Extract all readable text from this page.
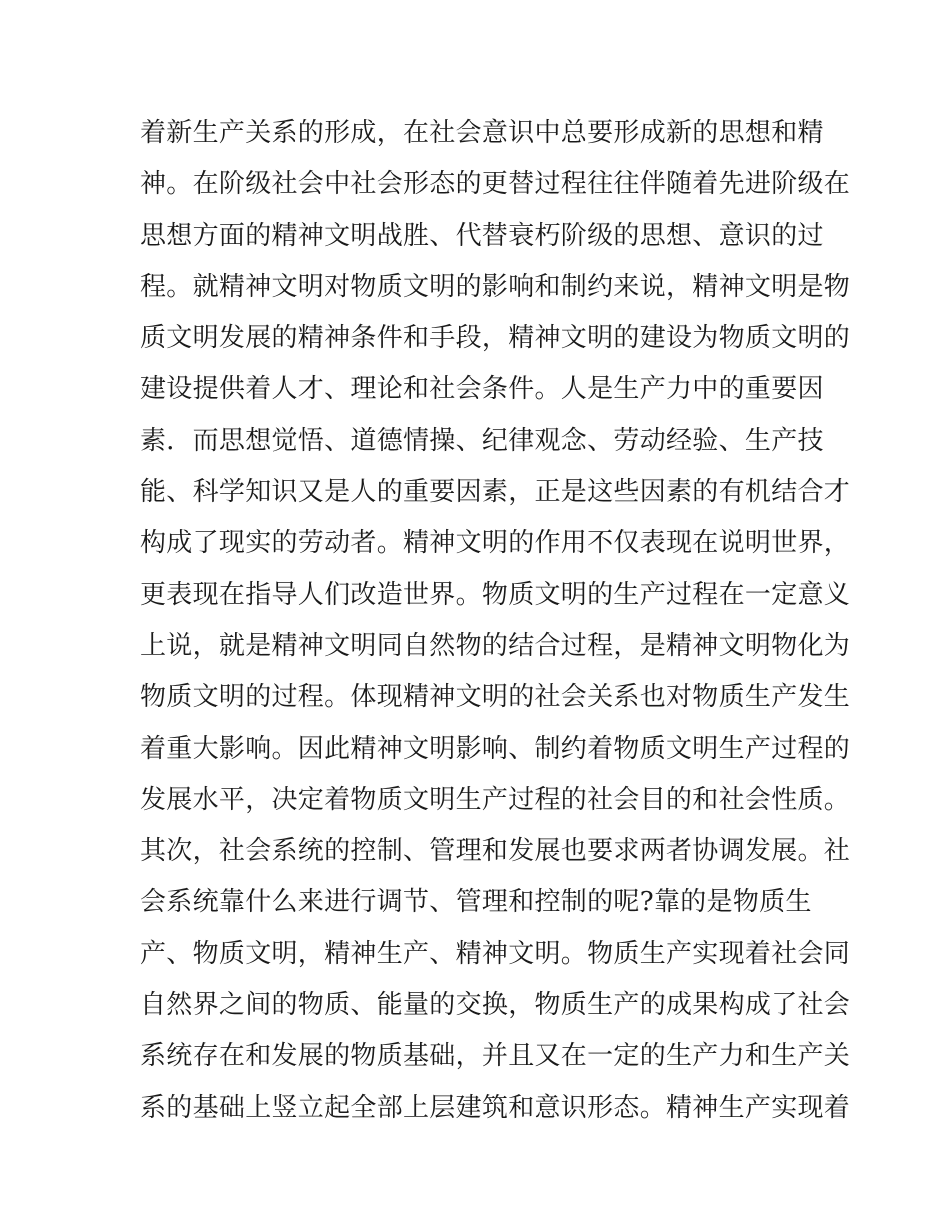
着新生产关系的形成，在社会意识中总要形成新的思想和精
神。在阶级社会中社会形态的更替过程往往伴随着先进阶级在
思想方面的精神文明战胜、代替衰朽阶级的思想、意识的过
程。就精神文明对物质文明的影响和制约来说，精神文明是物
质文明发展的精神条件和手段，精神文明的建设为物质文明的
建设提供着人才、理论和社会条件。人是生产力中的重要因
素．而思想觉悟、道德情操、纪律观念、劳动经验、生产技
能、科学知识又是人的重要因素，正是这些因素的有机结合才
构成了现实的劳动者。精神文明的作用不仅表现在说明世界，
更表现在指导人们改造世界。物质文明的生产过程在一定意义
上说，就是精神文明同自然物的结合过程，是精神文明物化为
物质文明的过程。体现精神文明的社会关系也对物质生产发生
着重大影响。因此精神文明影响、制约着物质文明生产过程的
发展水平，决定着物质文明生产过程的社会目的和社会性质。
其次，社会系统的控制、管理和发展也要求两者协调发展。社
会系统靠什么来进行调节、管理和控制的呢?靠的是物质生
产、物质文明，精神生产、精神文明。物质生产实现着社会同
自然界之间的物质、能量的交换，物质生产的成果构成了社会
系统存在和发展的物质基础，并且又在一定的生产力和生产关
系的基础上竖立起全部上层建筑和意识形态。精神生产实现着
